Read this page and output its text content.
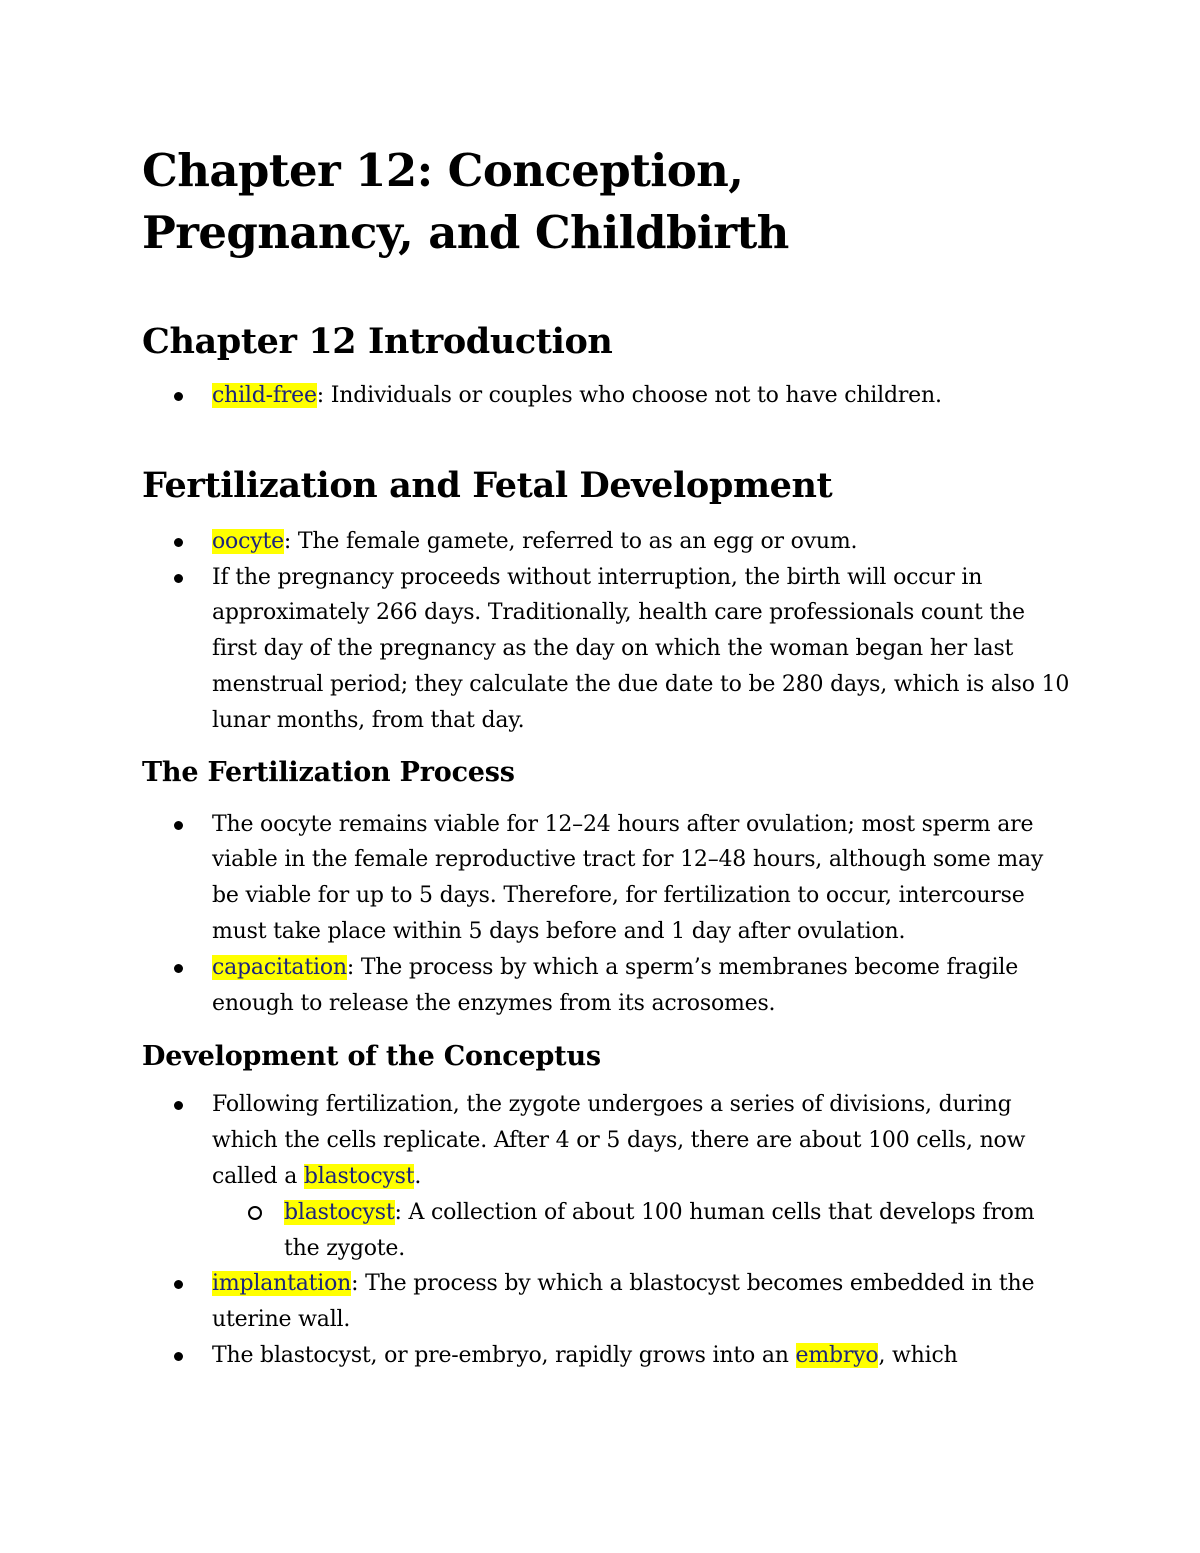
Chapter 12: Conception,
Pregnancy, and Childbirth
Chapter 12 Introduction
child-free: Individuals or couples who choose not to have children.
Fertilization and Fetal Development
oocyte: The female gamete, referred to as an egg or ovum.
If the pregnancy proceeds without interruption, the birth will occur in approximately 266 days. Traditionally, health care professionals count the first day of the pregnancy as the day on which the woman began her last menstrual period; they calculate the due date to be 280 days, which is also 10 lunar months, from that day.
The Fertilization Process
The oocyte remains viable for 12–24 hours after ovulation; most sperm are viable in the female reproductive tract for 12–48 hours, although some may be viable for up to 5 days. Therefore, for fertilization to occur, intercourse must take place within 5 days before and 1 day after ovulation.
capacitation: The process by which a sperm’s membranes become fragile enough to release the enzymes from its acrosomes.
Development of the Conceptus
Following fertilization, the zygote undergoes a series of divisions, during which the cells replicate. After 4 or 5 days, there are about 100 cells, now called a blastocyst.
blastocyst: A collection of about 100 human cells that develops from the zygote.
implantation: The process by which a blastocyst becomes embedded in the uterine wall.
The blastocyst, or pre-embryo, rapidly grows into an embryo, which
